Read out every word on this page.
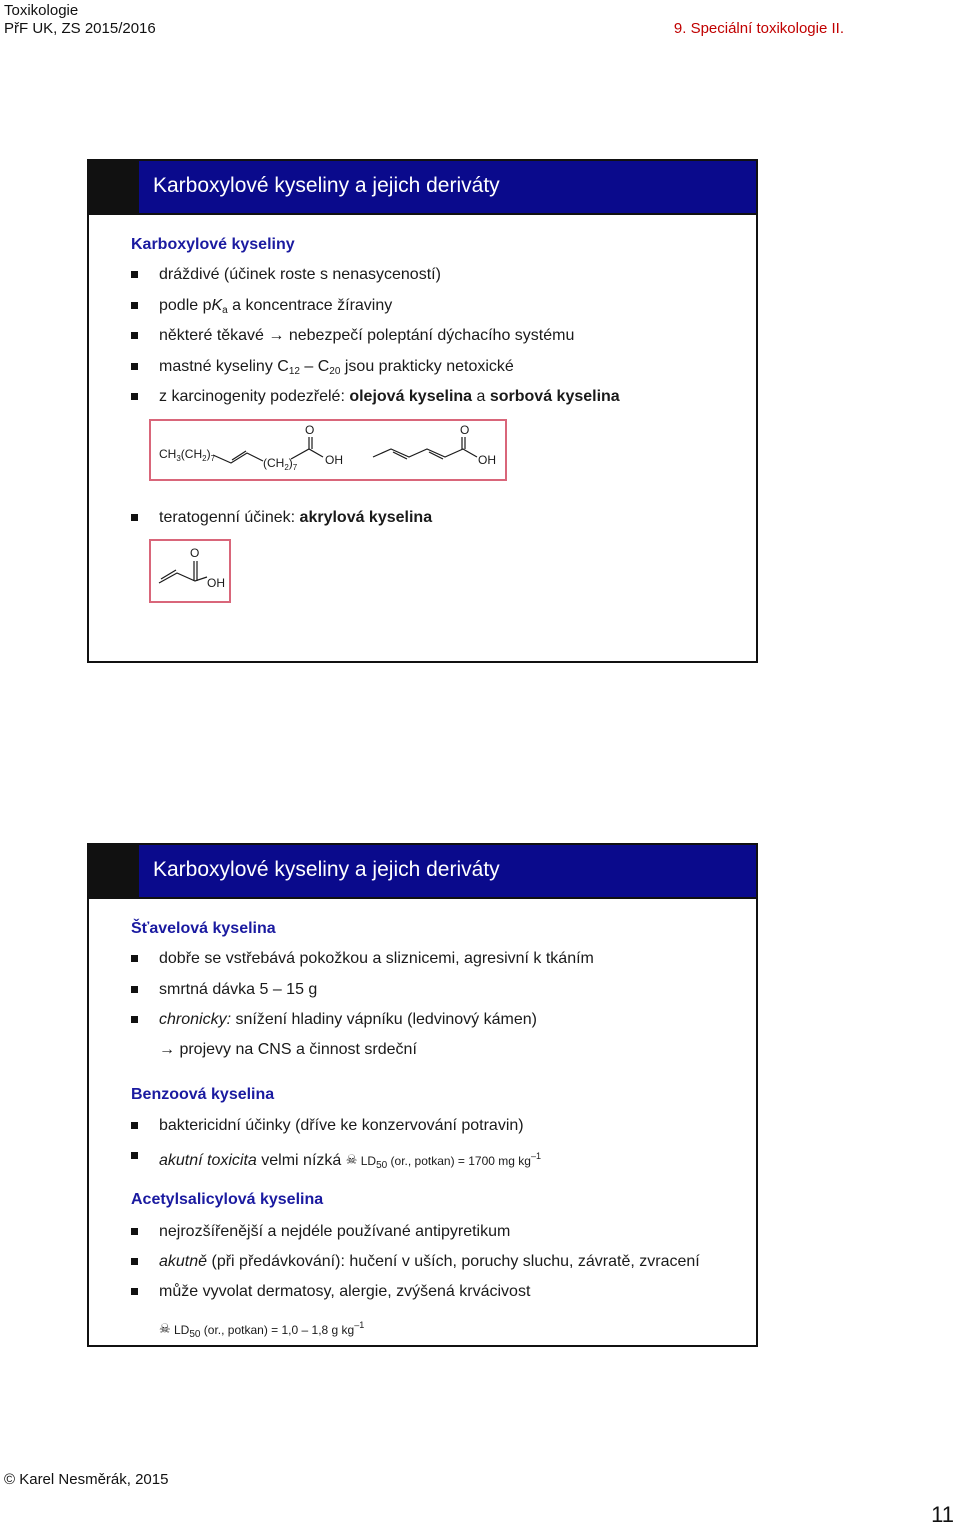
Toxikologie
PřF UK, ZS 2015/2016	9. Speciální toxikologie II.
Karboxylové kyseliny a jejich deriváty
Karboxylové kyseliny
dráždivé (účinek roste s nenasyceností)
podle $pK_a$ a koncentrace žíraviny
některé těkavé → nebezpečí poleptání dýchacího systému
mastné kyseliny $C_{12} - C_{20}$ jsou prakticky netoxické
z karcinogenity podezřelé: olejová kyselina a sorbová kyselina
$CH_3(CH_2)_7$	$(CH_2)_7$
O
OH
O
OH
teratogenní účinek: akrylová kyselina
O
OH
Karboxylové kyseliny a jejich deriváty
Šťavelová kyselina
dobře se vstřebává pokožkou a sliznicemi, agresivní k tkáním
smrtná dávka 5 – 15 g
chronicky: snížení hladiny vápníku (ledvinový kámen)
→ projevy na CNS a činnost srdeční
Benzoová kyselina
baktericidní účinky (dříve ke konzervování potravin)
akutní toxicita velmi nízká ☠ $LD_{50}$ (or., potkan) = 1700 mg $kg^{-1}$
Acetylsalicylová kyselina
nejrozšířenější a nejdéle používané antipyretikum
akutně (při předávkování): hučení v uších, poruchy sluchu, závratě, zvracení
může vyvolat dermatosy, alergie, zvýšená krvácivost
☠ $LD_{50}$ (or., potkan) = 1,0 – 1,8 g $kg^{-1}$
© Karel Nesměrák, 2015
11
